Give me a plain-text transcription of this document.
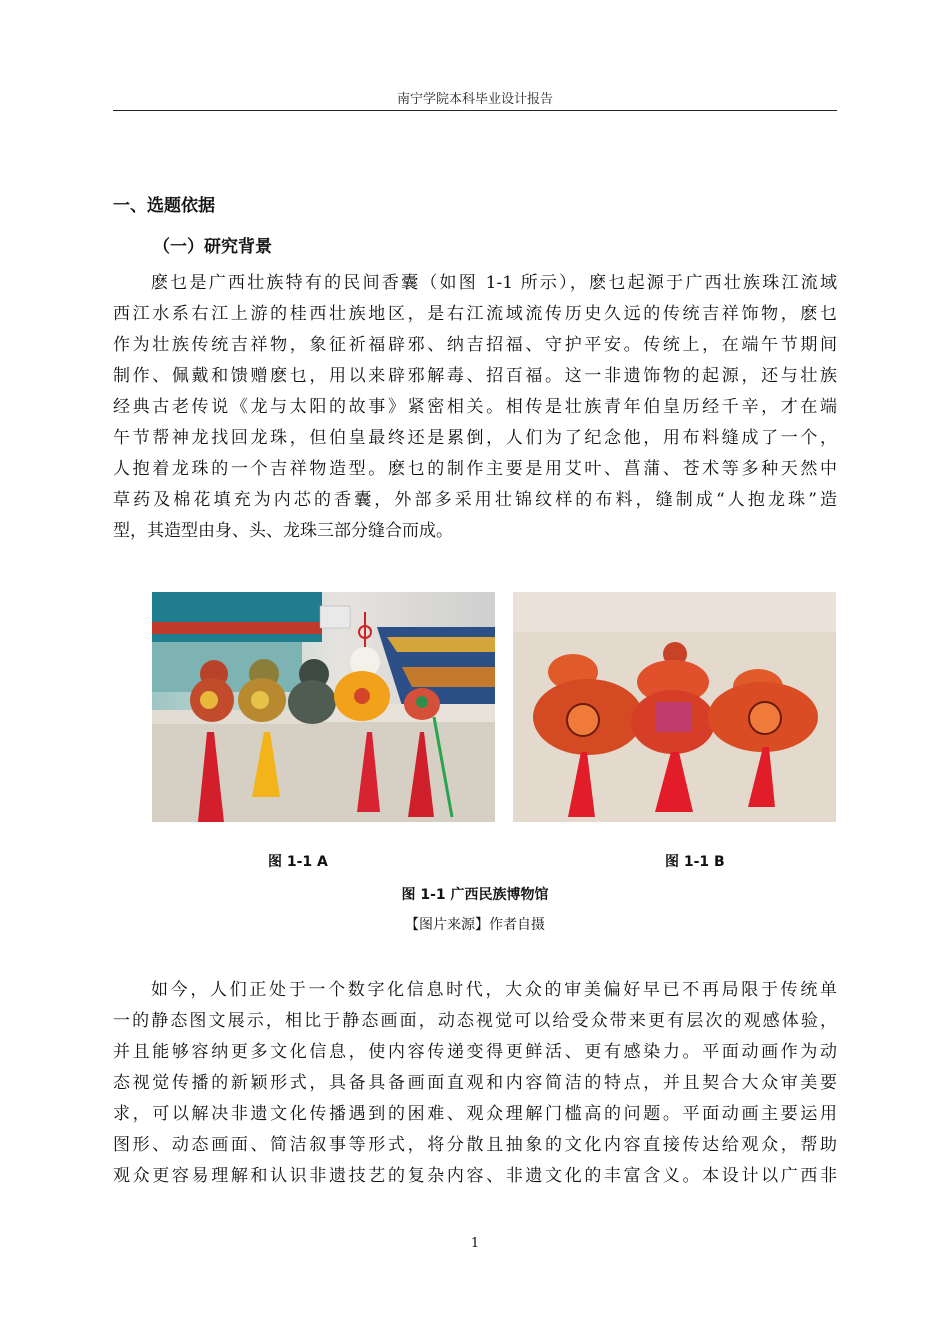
南宁学院本科毕业设计报告
一、选题依据
（一）研究背景
麽乜是广西壮族特有的民间香囊（如图 1-1 所示），麽乜起源于广西壮族珠江流域
西江水系右江上游的桂西壮族地区，是右江流域流传历史久远的传统吉祥饰物，麽乜
作为壮族传统吉祥物，象征祈福辟邪、纳吉招福、守护平安。传统上，在端午节期间
制作、佩戴和馈赠麽乜，用以来辟邪解毒、招百福。这一非遗饰物的起源，还与壮族
经典古老传说《龙与太阳的故事》紧密相关。相传是壮族青年伯皇历经千辛，才在端
午节帮神龙找回龙珠，但伯皇最终还是累倒，人们为了纪念他，用布料缝成了一个，
人抱着龙珠的一个吉祥物造型。麽乜的制作主要是用艾叶、菖蒲、苍术等多种天然中
草药及棉花填充为内芯的香囊，外部多采用壮锦纹样的布料，缝制成“人抱龙珠”造
型，其造型由身、头、龙珠三部分缝合而成。
图 1-1 A	图 1-1 B
图 1-1 广西民族博物馆
【图片来源】作者自摄
如今，人们正处于一个数字化信息时代，大众的审美偏好早已不再局限于传统单
一的静态图文展示，相比于静态画面，动态视觉可以给受众带来更有层次的观感体验，
并且能够容纳更多文化信息，使内容传递变得更鲜活、更有感染力。平面动画作为动
态视觉传播的新颖形式，具备具备画面直观和内容简洁的特点，并且契合大众审美要
求，可以解决非遗文化传播遇到的困难、观众理解门槛高的问题。平面动画主要运用
图形、动态画面、简洁叙事等形式，将分散且抽象的文化内容直接传达给观众，帮助
观众更容易理解和认识非遗技艺的复杂内容、非遗文化的丰富含义。本设计以广西非
1
